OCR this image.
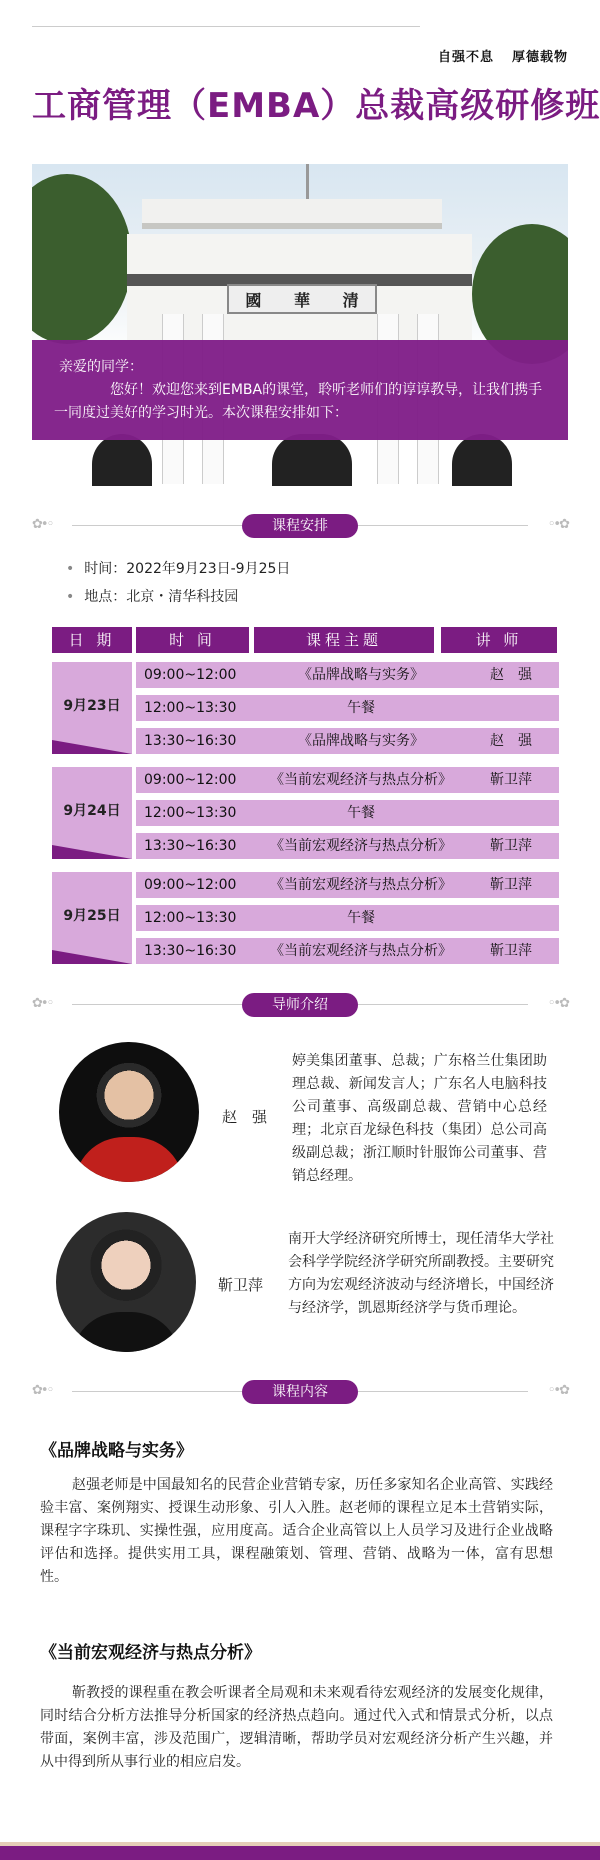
自强不息 厚德载物
工商管理（EMBA）总裁高级研修班
國 華 清

亲爱的同学：

您好！欢迎您来到EMBA的课堂，聆听老师们的谆谆教导，让我们携手一同度过美好的学习时光。本次课程安排如下：

✿•◦	◦•✿
课程安排
• 时间：2022年9月23日-9月25日
• 地点：北京・清华科技园
日 期	时 间	课程主题	讲 师
9月23日
09:00~12:00	《品牌战略与实务》	赵　强
12:00~13:30	午餐
13:30~16:30	《品牌战略与实务》	赵　强
9月24日
09:00~12:00	《当前宏观经济与热点分析》	靳卫萍
12:00~13:30	午餐
13:30~16:30	《当前宏观经济与热点分析》	靳卫萍
9月25日
09:00~12:00	《当前宏观经济与热点分析》	靳卫萍
12:00~13:30	午餐
13:30~16:30	《当前宏观经济与热点分析》	靳卫萍
✿•◦	◦•✿
导师介绍
赵　强
婷美集团董事、总裁；广东格兰仕集团助理总裁、新闻发言人；广东名人电脑科技公司董事、高级副总裁、营销中心总经理；北京百龙绿色科技（集团）总公司高级副总裁；浙江顺时针服饰公司董事、营销总经理。
靳卫萍
南开大学经济研究所博士，现任清华大学社会科学学院经济学研究所副教授。主要研究方向为宏观经济波动与经济增长，中国经济与经济学，凯恩斯经济学与货币理论。
✿•◦	◦•✿
课程内容
《品牌战略与实务》
赵强老师是中国最知名的民营企业营销专家，历任多家知名企业高管、实践经验丰富、案例翔实、授课生动形象、引人入胜。赵老师的课程立足本土营销实际，课程字字珠玑、实操性强，应用度高。适合企业高管以上人员学习及进行企业战略评估和选择。提供实用工具，课程融策划、管理、营销、战略为一体，富有思想性。
《当前宏观经济与热点分析》
靳教授的课程重在教会听课者全局观和未来观看待宏观经济的发展变化规律，同时结合分析方法推导分析国家的经济热点趋向。通过代入式和情景式分析，以点带面，案例丰富，涉及范围广，逻辑清晰，帮助学员对宏观经济分析产生兴趣，并从中得到所从事行业的相应启发。
